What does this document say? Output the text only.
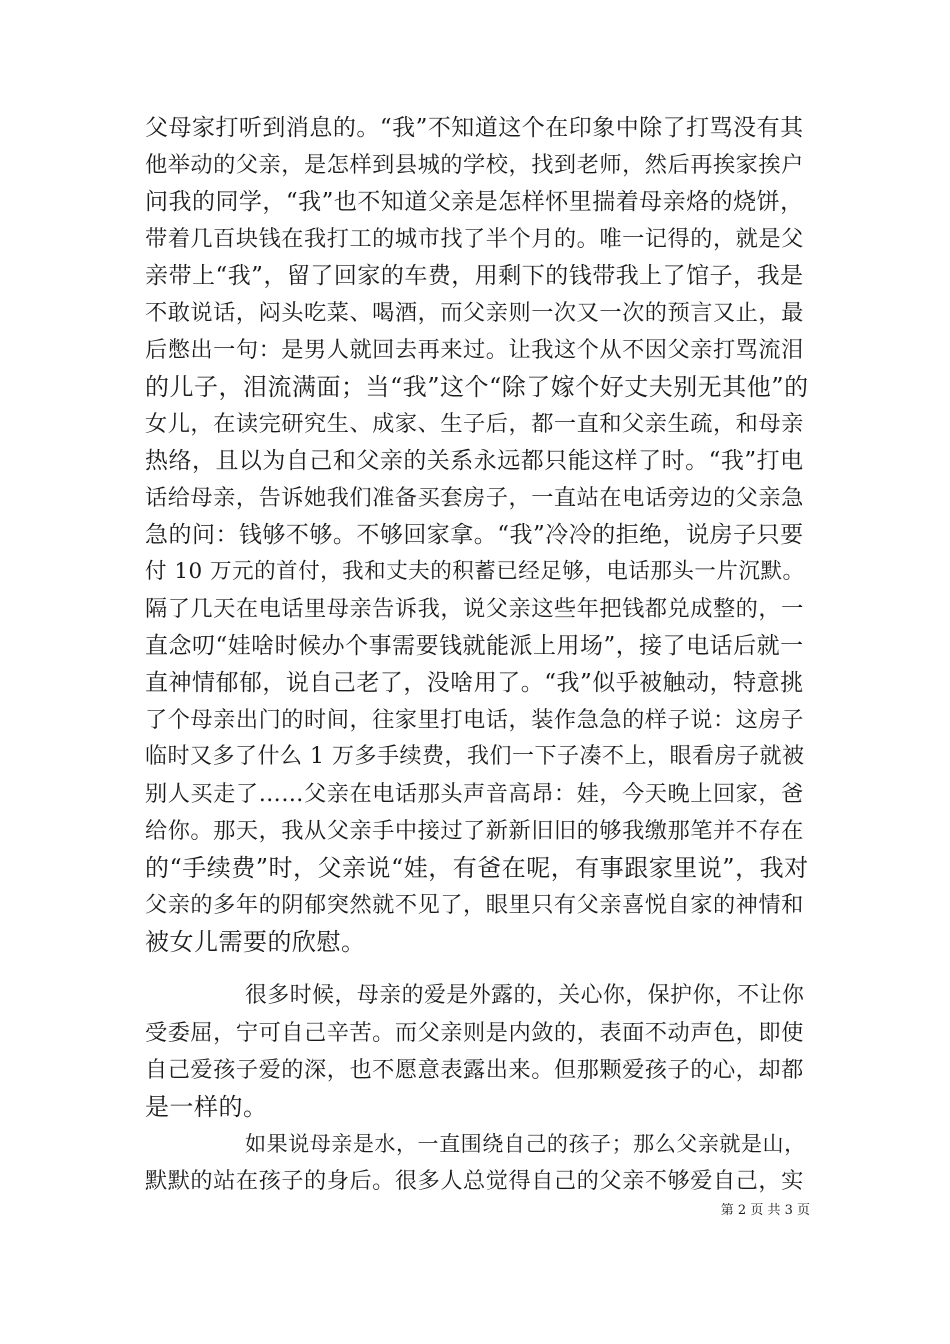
父母家打听到消息的。“我”不知道这个在印象中除了打骂没有其
他举动的父亲，是怎样到县城的学校，找到老师，然后再挨家挨户
问我的同学，“我”也不知道父亲是怎样怀里揣着母亲烙的烧饼，
带着几百块钱在我打工的城市找了半个月的。唯一记得的，就是父
亲带上“我”，留了回家的车费，用剩下的钱带我上了馆子，我是
不敢说话，闷头吃菜、喝酒，而父亲则一次又一次的预言又止，最
后憋出一句：是男人就回去再来过。让我这个从不因父亲打骂流泪
的儿子，泪流满面；当“我”这个“除了嫁个好丈夫别无其他”的
女儿，在读完研究生、成家、生子后，都一直和父亲生疏，和母亲
热络，且以为自己和父亲的关系永远都只能这样了时。“我”打电
话给母亲，告诉她我们准备买套房子，一直站在电话旁边的父亲急
急的问：钱够不够。不够回家拿。“我”冷冷的拒绝，说房子只要
付 10 万元的首付，我和丈夫的积蓄已经足够，电话那头一片沉默。
隔了几天在电话里母亲告诉我，说父亲这些年把钱都兑成整的，一
直念叨“娃啥时候办个事需要钱就能派上用场”，接了电话后就一
直神情郁郁，说自己老了，没啥用了。“我”似乎被触动，特意挑
了个母亲出门的时间，往家里打电话，装作急急的样子说：这房子
临时又多了什么 1 万多手续费，我们一下子凑不上，眼看房子就被
别人买走了……父亲在电话那头声音高昂：娃，今天晚上回家，爸
给你。那天，我从父亲手中接过了新新旧旧的够我缴那笔并不存在
的“手续费”时，父亲说“娃，有爸在呢，有事跟家里说”，我对
父亲的多年的阴郁突然就不见了，眼里只有父亲喜悦自家的神情和
被女儿需要的欣慰。
很多时候，母亲的爱是外露的，关心你，保护你，不让你
受委屈，宁可自己辛苦。而父亲则是内敛的，表面不动声色，即使
自己爱孩子爱的深，也不愿意表露出来。但那颗爱孩子的心，却都
是一样的。
如果说母亲是水，一直围绕自己的孩子；那么父亲就是山，
默默的站在孩子的身后。很多人总觉得自己的父亲不够爱自己，实
第 2 页 共 3 页
